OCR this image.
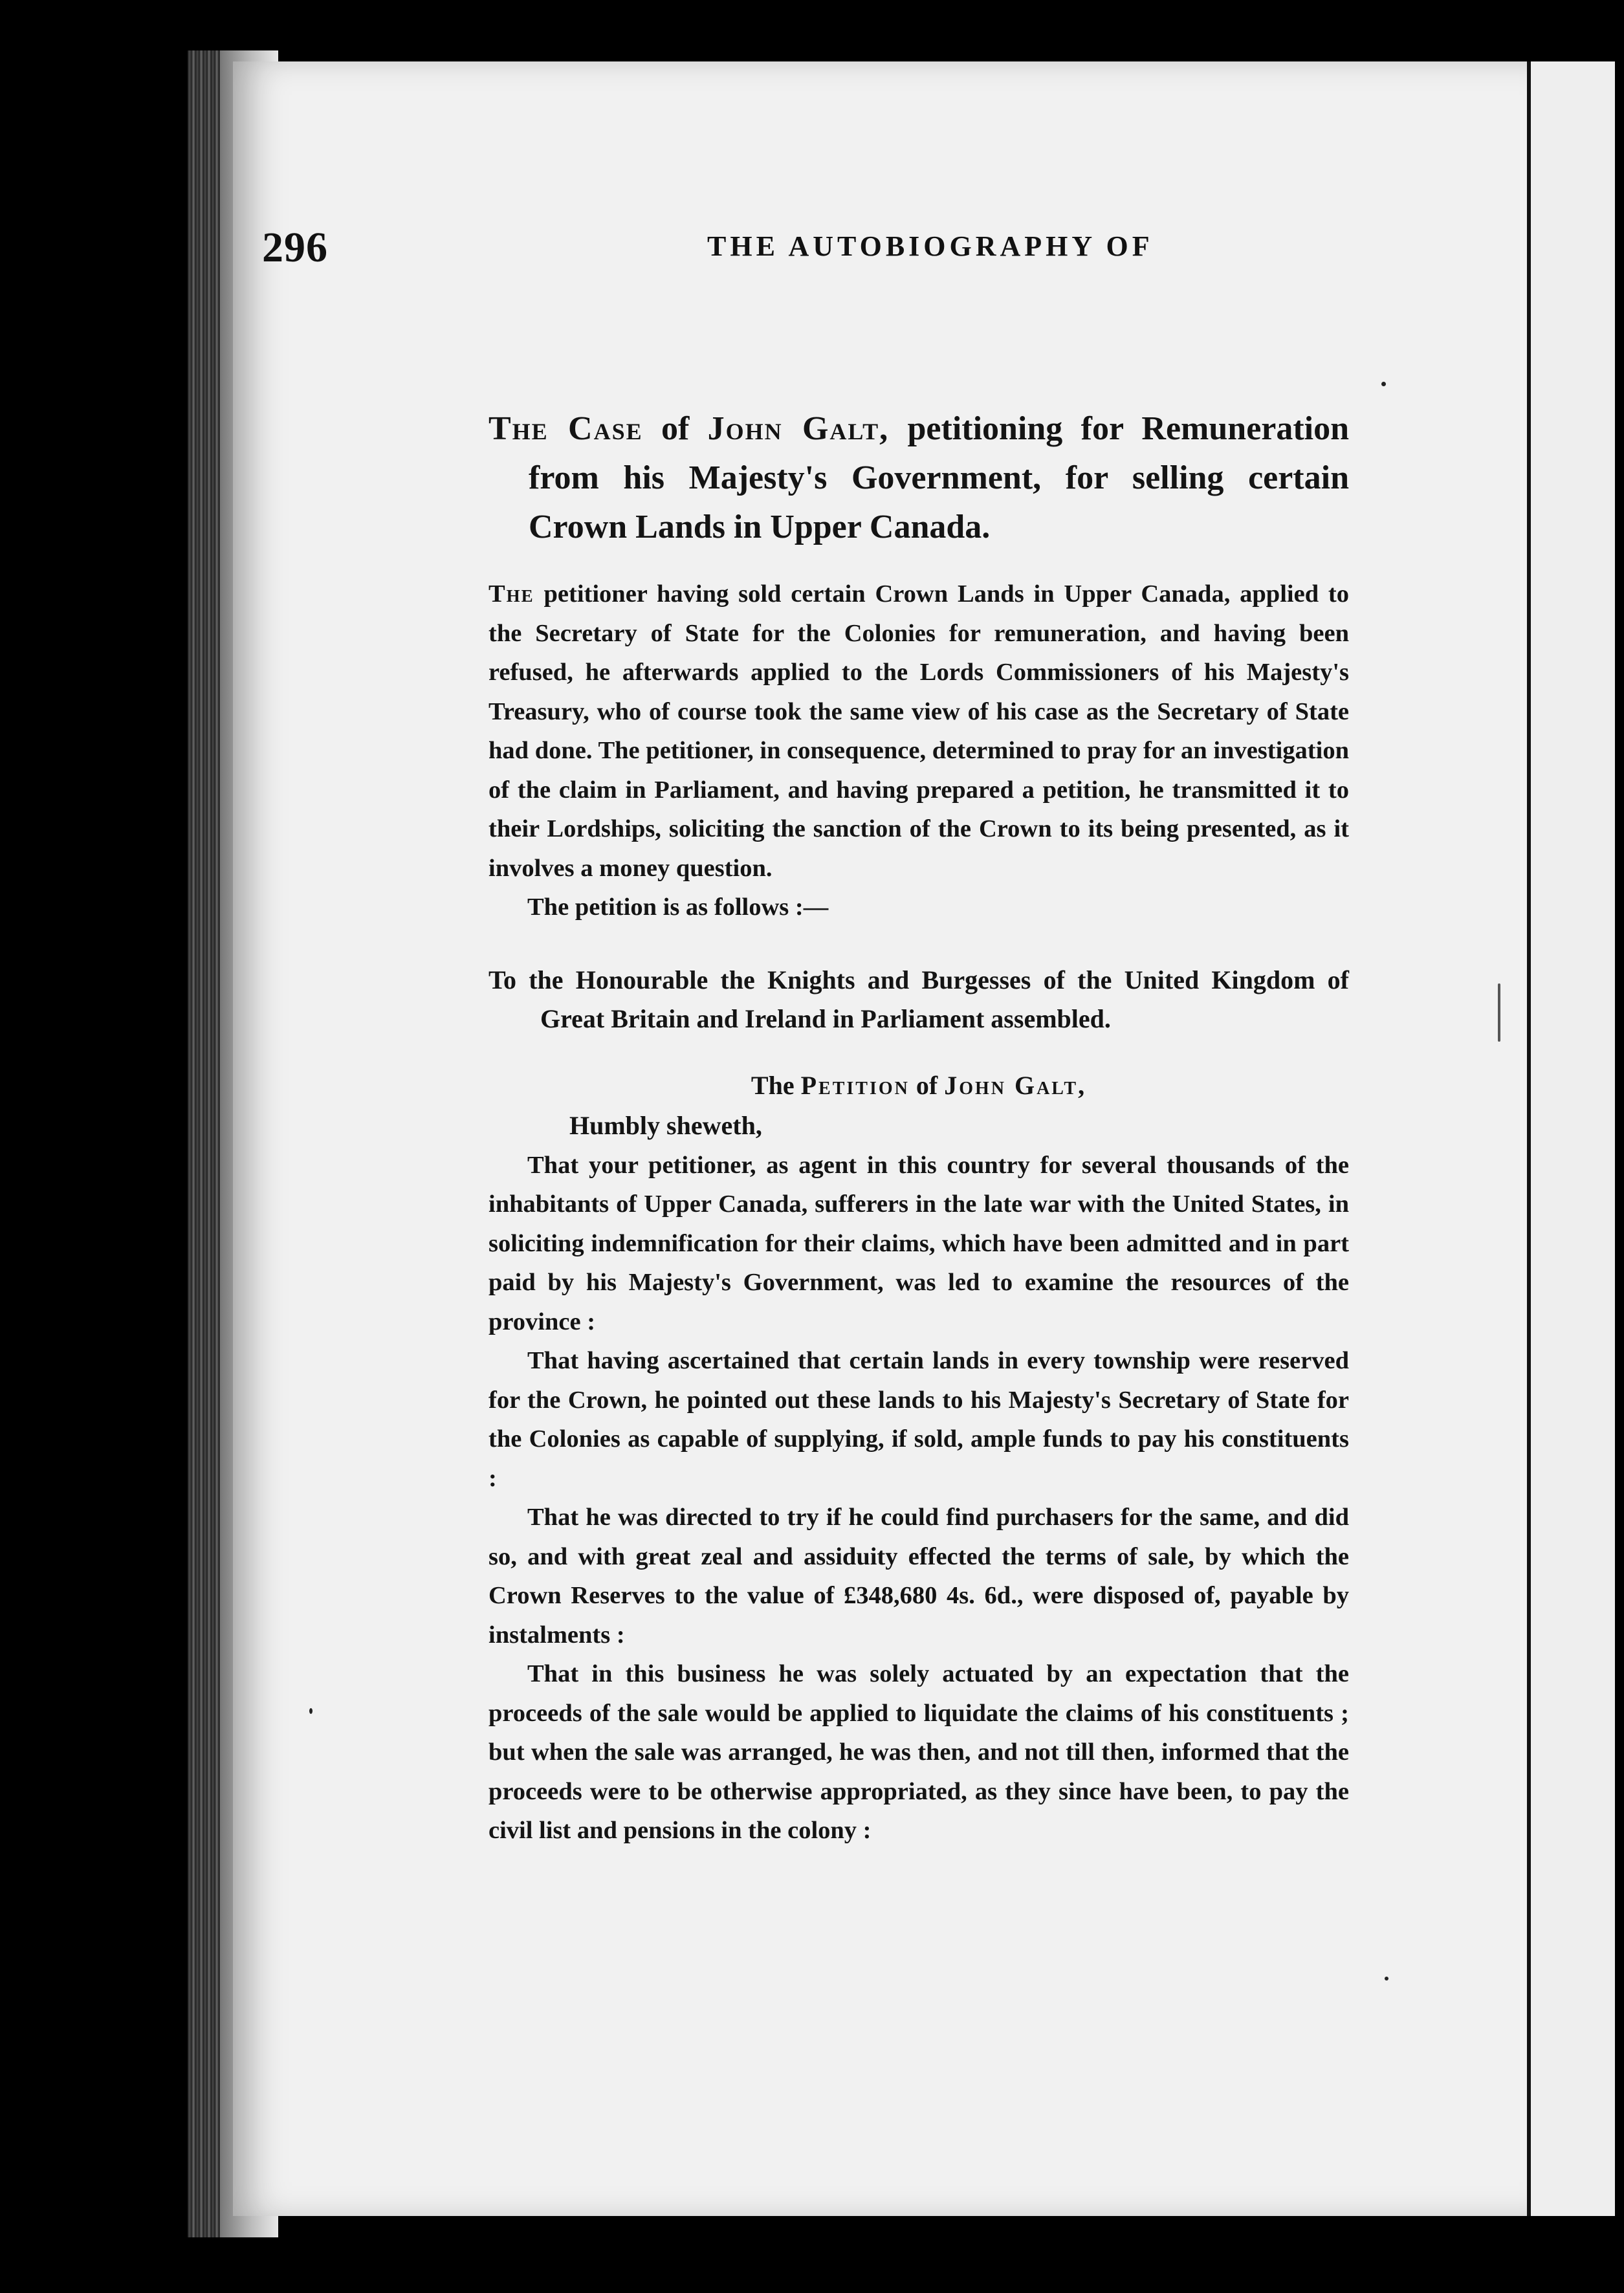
296	THE AUTOBIOGRAPHY OF

The Case of John Galt, petitioning for Remuneration from his Majesty's Government, for selling certain Crown Lands in Upper Canada.

The petitioner having sold certain Crown Lands in Upper Canada, applied to the Secretary of State for the Colonies for remuneration, and having been refused, he afterwards applied to the Lords Commissioners of his Majesty's Treasury, who of course took the same view of his case as the Secretary of State had done. The petitioner, in consequence, determined to pray for an investigation of the claim in Parliament, and having prepared a petition, he transmitted it to their Lordships, soliciting the sanction of the Crown to its being presented, as it involves a money question.

The petition is as follows :—

To the Honourable the Knights and Burgesses of the United Kingdom of Great Britain and Ireland in Parliament assembled.

The Petition of John Galt,

Humbly sheweth,

That your petitioner, as agent in this country for several thousands of the inhabitants of Upper Canada, sufferers in the late war with the United States, in soliciting indemnification for their claims, which have been admitted and in part paid by his Majesty's Government, was led to examine the resources of the province :

That having ascertained that certain lands in every township were reserved for the Crown, he pointed out these lands to his Majesty's Secretary of State for the Colonies as capable of supplying, if sold, ample funds to pay his constituents :

That he was directed to try if he could find purchasers for the same, and did so, and with great zeal and assiduity effected the terms of sale, by which the Crown Reserves to the value of £348,680 4s. 6d., were disposed of, payable by instalments :

That in this business he was solely actuated by an expectation that the proceeds of the sale would be applied to liquidate the claims of his constituents ; but when the sale was arranged, he was then, and not till then, informed that the proceeds were to be otherwise appropriated, as they since have been, to pay the civil list and pensions in the colony :
